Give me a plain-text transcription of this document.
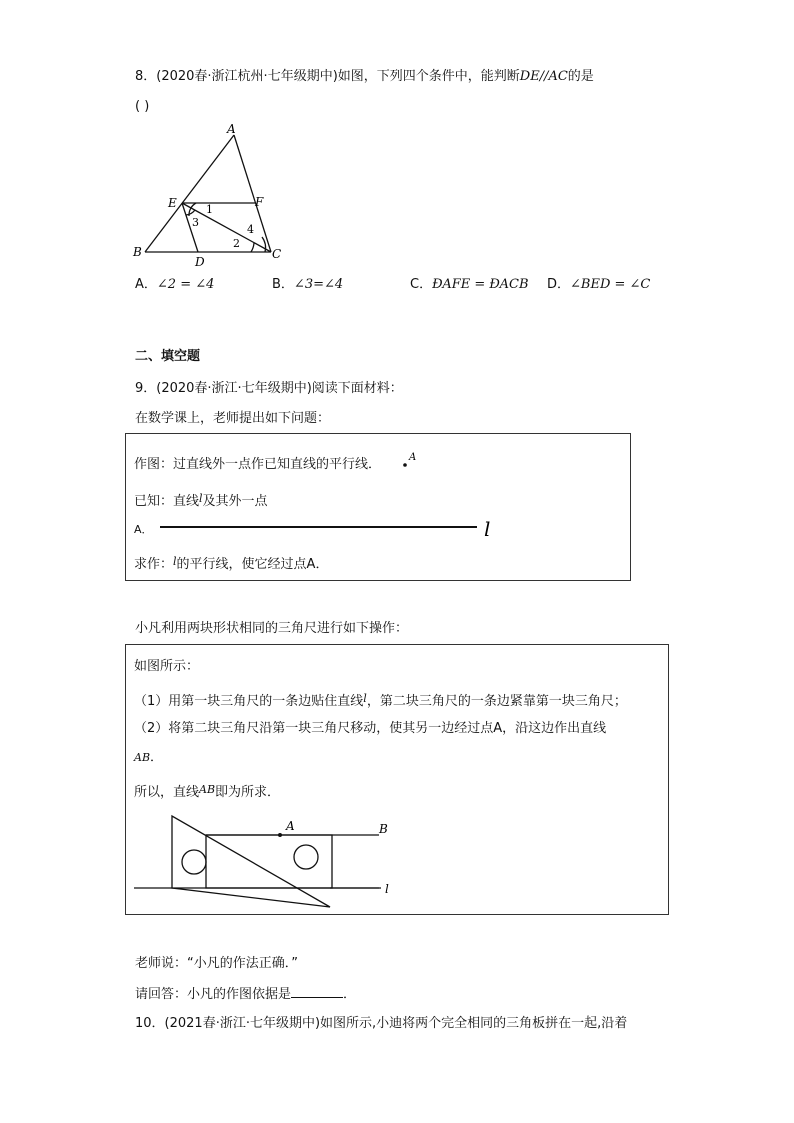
8．(2020春·浙江杭州·七年级期中)如图，下列四个条件中，能判断DE//AC的是
( )
A
E	F
B
D
C
1
2
3
4
A．∠2 = ∠4	B．∠3=∠4	C．ÐAFE = ÐACB D．∠BED = ∠C
二、填空题
9．(2020春·浙江·七年级期中)阅读下面材料：
在数学课上，老师提出如下问题：
作图：过直线外一点作已知直线的平行线．	A
已知：直线$^l$及其外一点
A．	l
求作：$^l$的平行线，使它经过点A．
小凡利用两块形状相同的三角尺进行如下操作：
如图所示：
（1）用第一块三角尺的一条边贴住直线$^l$，第二块三角尺的一条边紧靠第一块三角尺；
（2）将第二块三角尺沿第一块三角尺移动，使其另一边经过点A，沿这边作出直线
AB．
所以，直线$^{AB}$即为所求．
A	B
l
老师说：“小凡的作法正确．”
请回答：小凡的作图依据是	．
10．(2021春·浙江·七年级期中)如图所示,小迪将两个完全相同的三角板拼在一起,沿着
